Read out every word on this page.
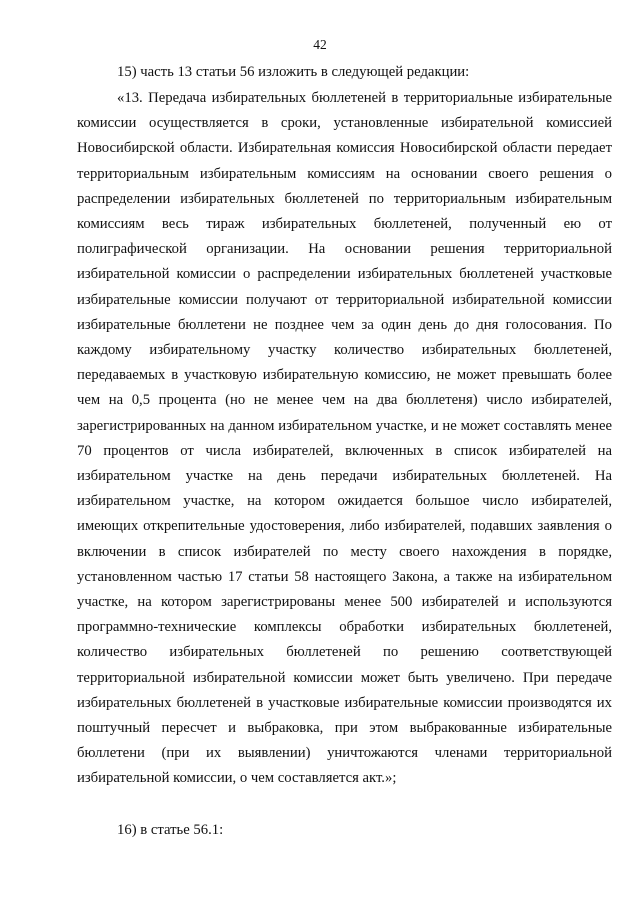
42

15) часть 13 статьи 56 изложить в следующей редакции:

«13. Передача избирательных бюллетеней в территориальные избирательные комиссии осуществляется в сроки, установленные избирательной комиссией Новосибирской области. Избирательная комиссия Новосибирской области передает территориальным избирательным комиссиям на основании своего решения о распределении избирательных бюллетеней по территориальным избирательным комиссиям весь тираж избирательных бюллетеней, полученный ею от полиграфической организации. На основании решения территориальной избирательной комиссии о распределении избирательных бюллетеней участковые избирательные комиссии получают от территориальной избирательной комиссии избирательные бюллетени не позднее чем за один день до дня голосования. По каждому избирательному участку количество избирательных бюллетеней, передаваемых в участковую избирательную комиссию, не может превышать более чем на 0,5 процента (но не менее чем на два бюллетеня) число избирателей, зарегистрированных на данном избирательном участке, и не может составлять менее 70 процентов от числа избирателей, включенных в список избирателей на избирательном участке на день передачи избирательных бюллетеней. На избирательном участке, на котором ожидается большое число избирателей, имеющих открепительные удостоверения, либо избирателей, подавших заявления о включении в список избирателей по месту своего нахождения в порядке, установленном частью 17 статьи 58 настоящего Закона, а также на избирательном участке, на котором зарегистрированы менее 500 избирателей и используются программно-технические комплексы обработки избирательных бюллетеней, количество избирательных бюллетеней по решению соответствующей территориальной избирательной комиссии может быть увеличено. При передаче избирательных бюллетеней в участковые избирательные комиссии производятся их поштучный пересчет и выбраковка, при этом выбракованные избирательные бюллетени (при их выявлении) уничтожаются членами территориальной избирательной комиссии, о чем составляется акт.»;

16) в статье 56.1:
